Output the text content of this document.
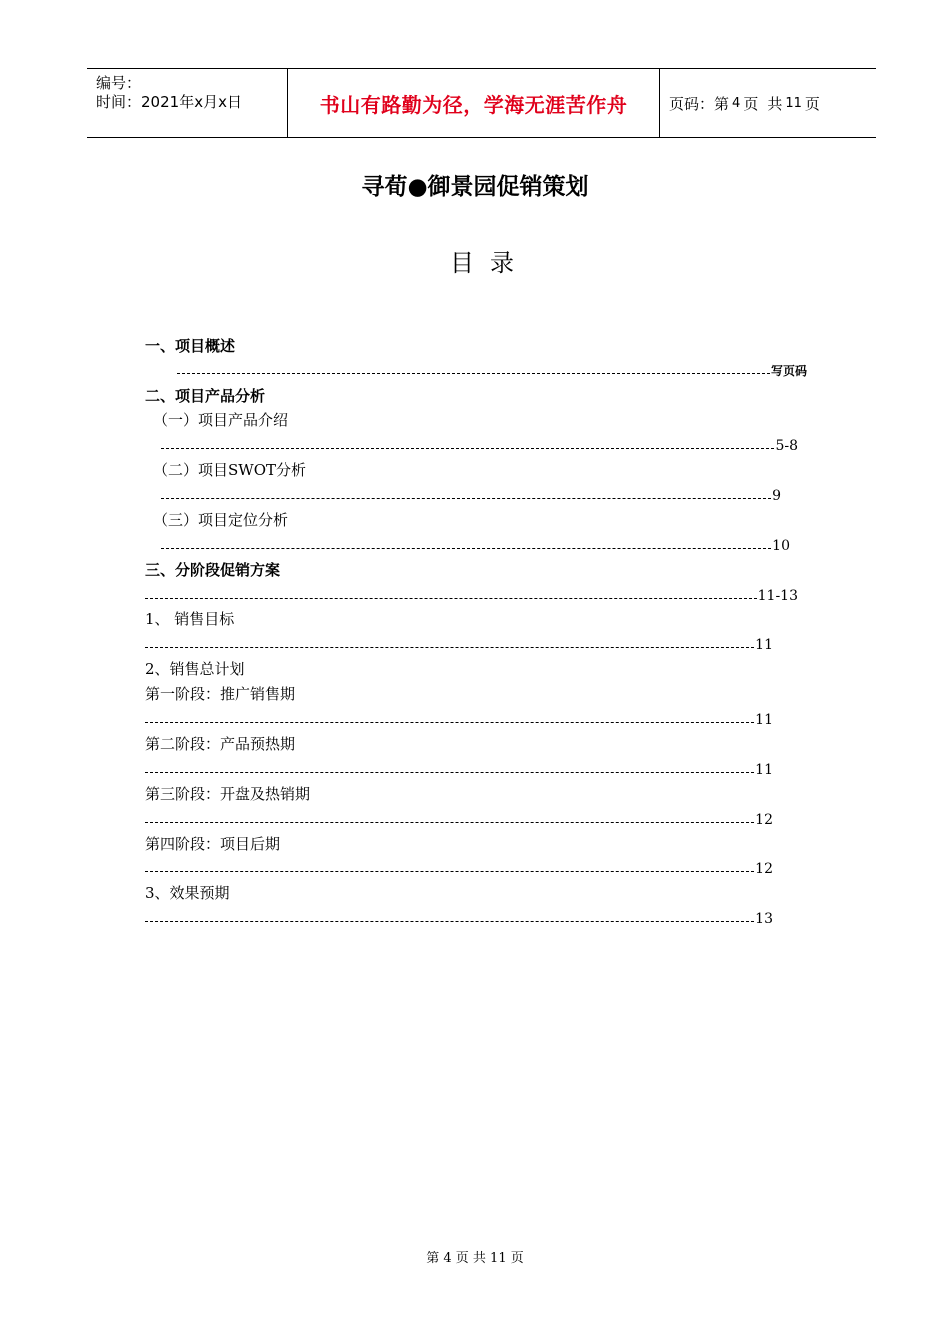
编号：
时间：2021年x月x日	书山有路勤为径，学海无涯苦作舟	页码： 第 4 页 共 11 页
寻荀●御景园促销策划
目录
一、项目概述
写页码
二、项目产品分析
（一）项目产品介绍
5-8
（二）项目SWOT分析
9
（三）项目定位分析
10
三、分阶段促销方案
11-13
1、 销售目标
11
2、销售总计划
第一阶段：推广销售期
11
第二阶段：产品预热期
11
第三阶段：开盘及热销期
12
第四阶段：项目后期
12
3、效果预期
13
第 4 页 共 11 页
